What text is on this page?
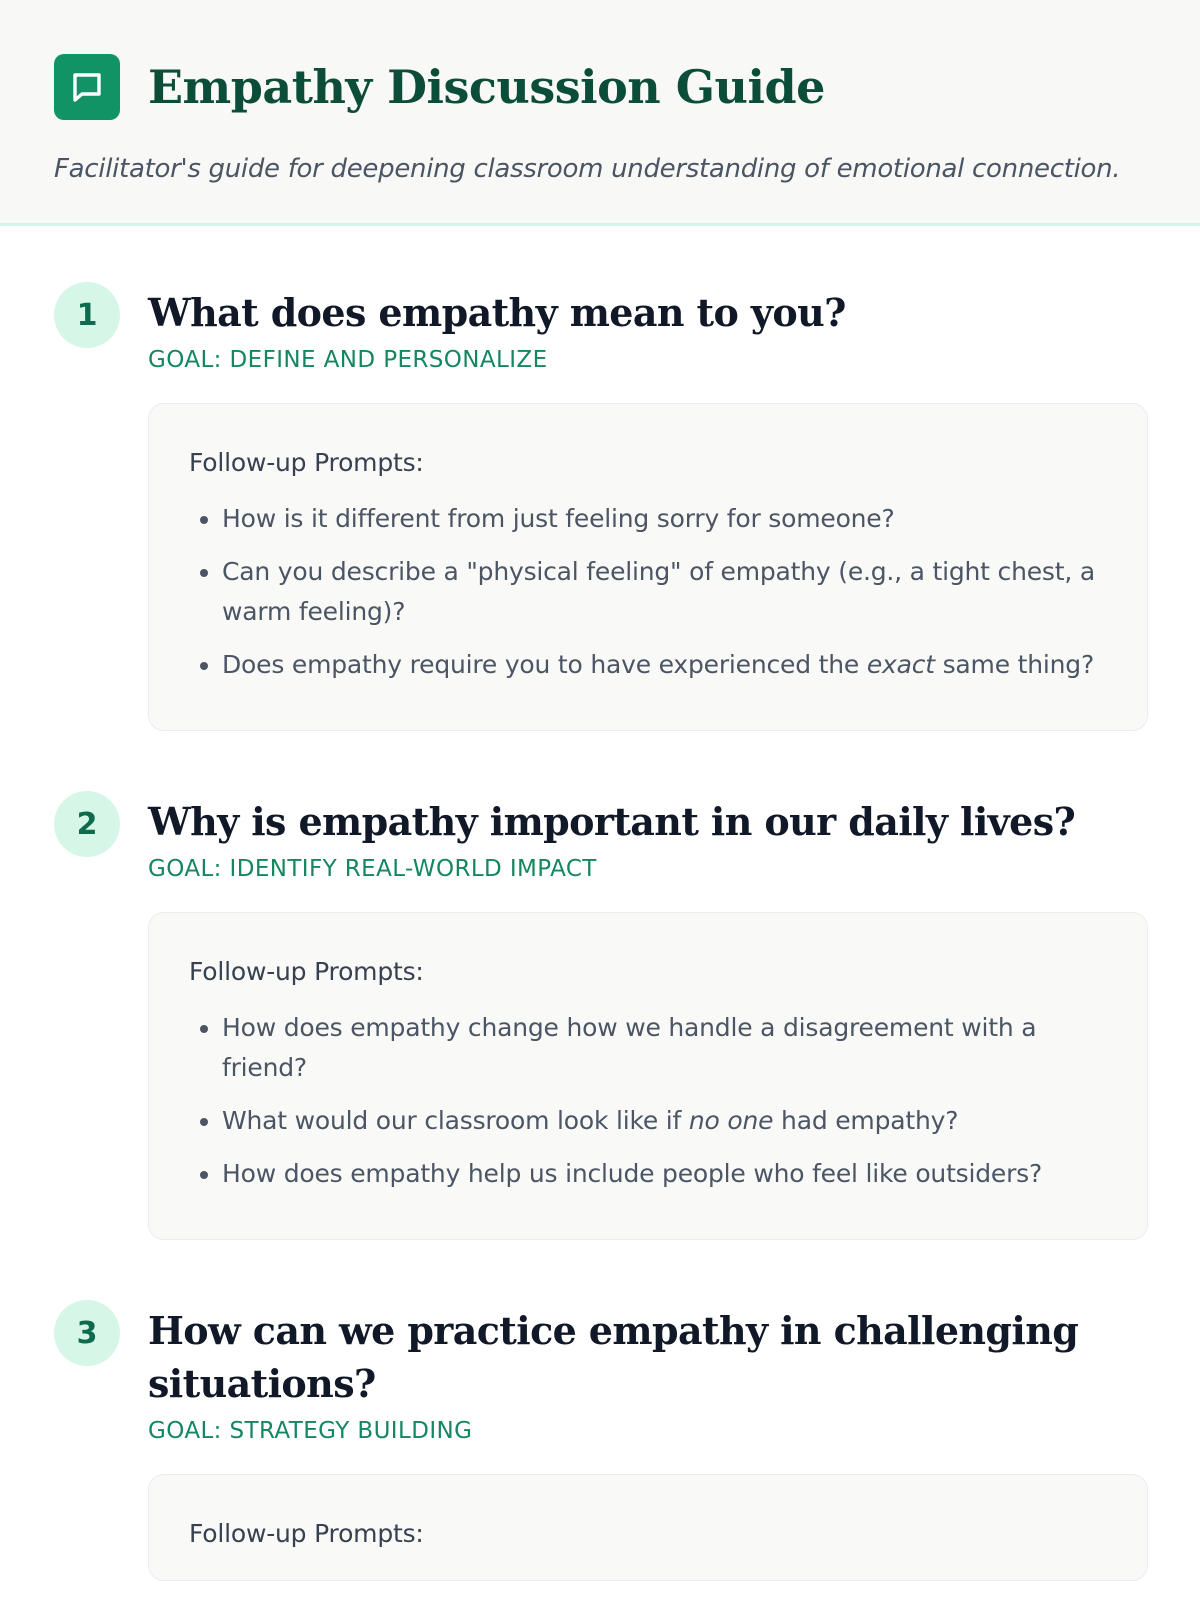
Empathy Discussion Guide

Facilitator's guide for deepening classroom understanding of emotional connection.

1	What does empathy mean to you?
GOAL: DEFINE AND PERSONALIZE

Follow-up Prompts:

• How is it different from just feeling sorry for someone?
• Can you describe a "physical feeling" of empathy (e.g., a tight chest, a warm feeling)?
• Does empathy require you to have experienced the exact same thing?
2	Why is empathy important in our daily lives?
GOAL: IDENTIFY REAL-WORLD IMPACT

Follow-up Prompts:

• How does empathy change how we handle a disagreement with a friend?
• What would our classroom look like if no one had empathy?
• How does empathy help us include people who feel like outsiders?
3	How can we practice empathy in challenging situations?
GOAL: STRATEGY BUILDING

Follow-up Prompts:
